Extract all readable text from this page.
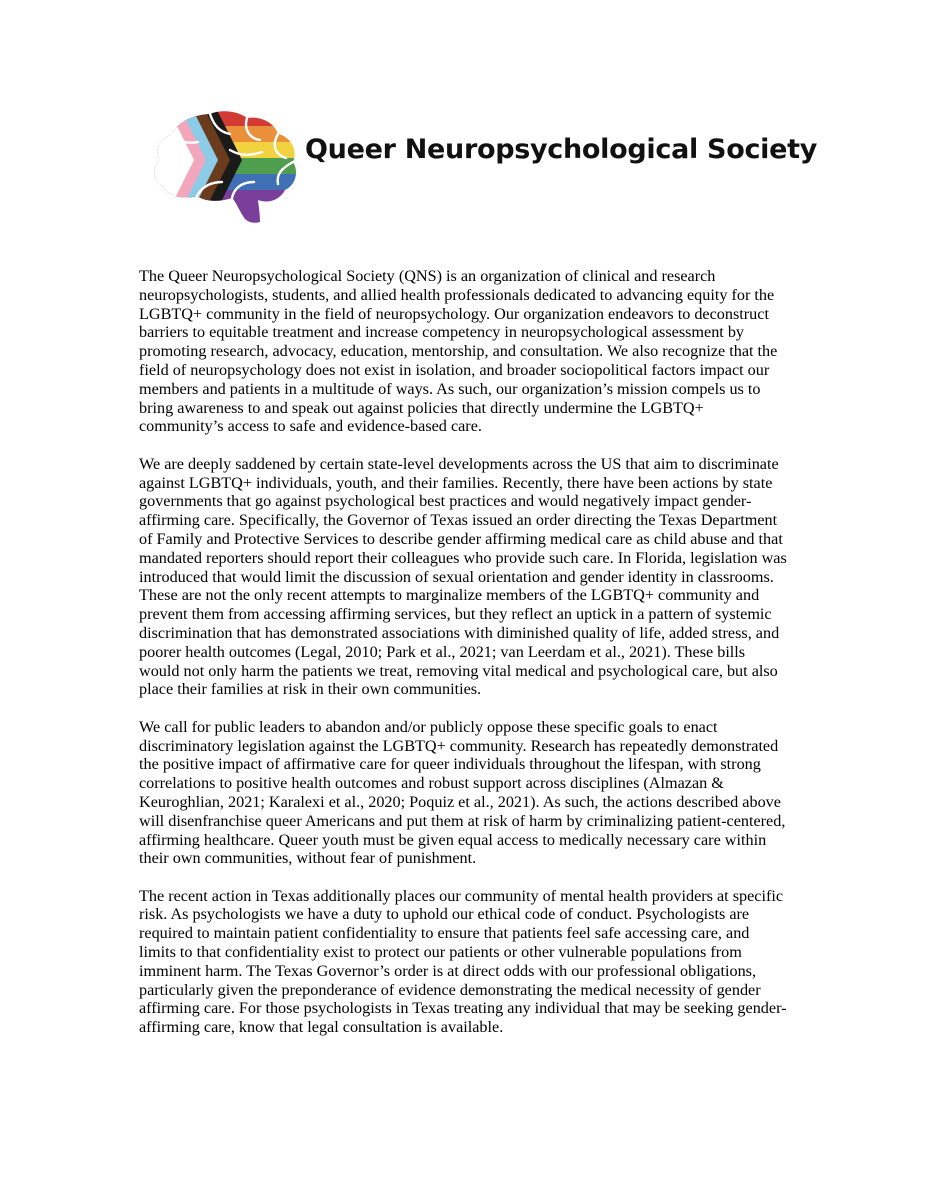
Queer Neuropsychological Society

The Queer Neuropsychological Society (QNS) is an organization of clinical and research neuropsychologists, students, and allied health professionals dedicated to advancing equity for the LGBTQ+ community in the field of neuropsychology. Our organization endeavors to deconstruct barriers to equitable treatment and increase competency in neuropsychological assessment by promoting research, advocacy, education, mentorship, and consultation. We also recognize that the field of neuropsychology does not exist in isolation, and broader sociopolitical factors impact our members and patients in a multitude of ways. As such, our organization’s mission compels us to bring awareness to and speak out against policies that directly undermine the LGBTQ+ community’s access to safe and evidence-based care.

We are deeply saddened by certain state-level developments across the US that aim to discriminate against LGBTQ+ individuals, youth, and their families. Recently, there have been actions by state governments that go against psychological best practices and would negatively impact gender-affirming care. Specifically, the Governor of Texas issued an order directing the Texas Department of Family and Protective Services to describe gender affirming medical care as child abuse and that mandated reporters should report their colleagues who provide such care. In Florida, legislation was introduced that would limit the discussion of sexual orientation and gender identity in classrooms. These are not the only recent attempts to marginalize members of the LGBTQ+ community and prevent them from accessing affirming services, but they reflect an uptick in a pattern of systemic discrimination that has demonstrated associations with diminished quality of life, added stress, and poorer health outcomes (Legal, 2010; Park et al., 2021; van Leerdam et al., 2021). These bills would not only harm the patients we treat, removing vital medical and psychological care, but also place their families at risk in their own communities.

We call for public leaders to abandon and/or publicly oppose these specific goals to enact discriminatory legislation against the LGBTQ+ community. Research has repeatedly demonstrated the positive impact of affirmative care for queer individuals throughout the lifespan, with strong correlations to positive health outcomes and robust support across disciplines (Almazan & Keuroghlian, 2021; Karalexi et al., 2020; Poquiz et al., 2021). As such, the actions described above will disenfranchise queer Americans and put them at risk of harm by criminalizing patient-centered, affirming healthcare. Queer youth must be given equal access to medically necessary care within their own communities, without fear of punishment.

The recent action in Texas additionally places our community of mental health providers at specific risk. As psychologists we have a duty to uphold our ethical code of conduct. Psychologists are required to maintain patient confidentiality to ensure that patients feel safe accessing care, and limits to that confidentiality exist to protect our patients or other vulnerable populations from imminent harm. The Texas Governor’s order is at direct odds with our professional obligations, particularly given the preponderance of evidence demonstrating the medical necessity of gender affirming care. For those psychologists in Texas treating any individual that may be seeking gender-affirming care, know that legal consultation is available.
